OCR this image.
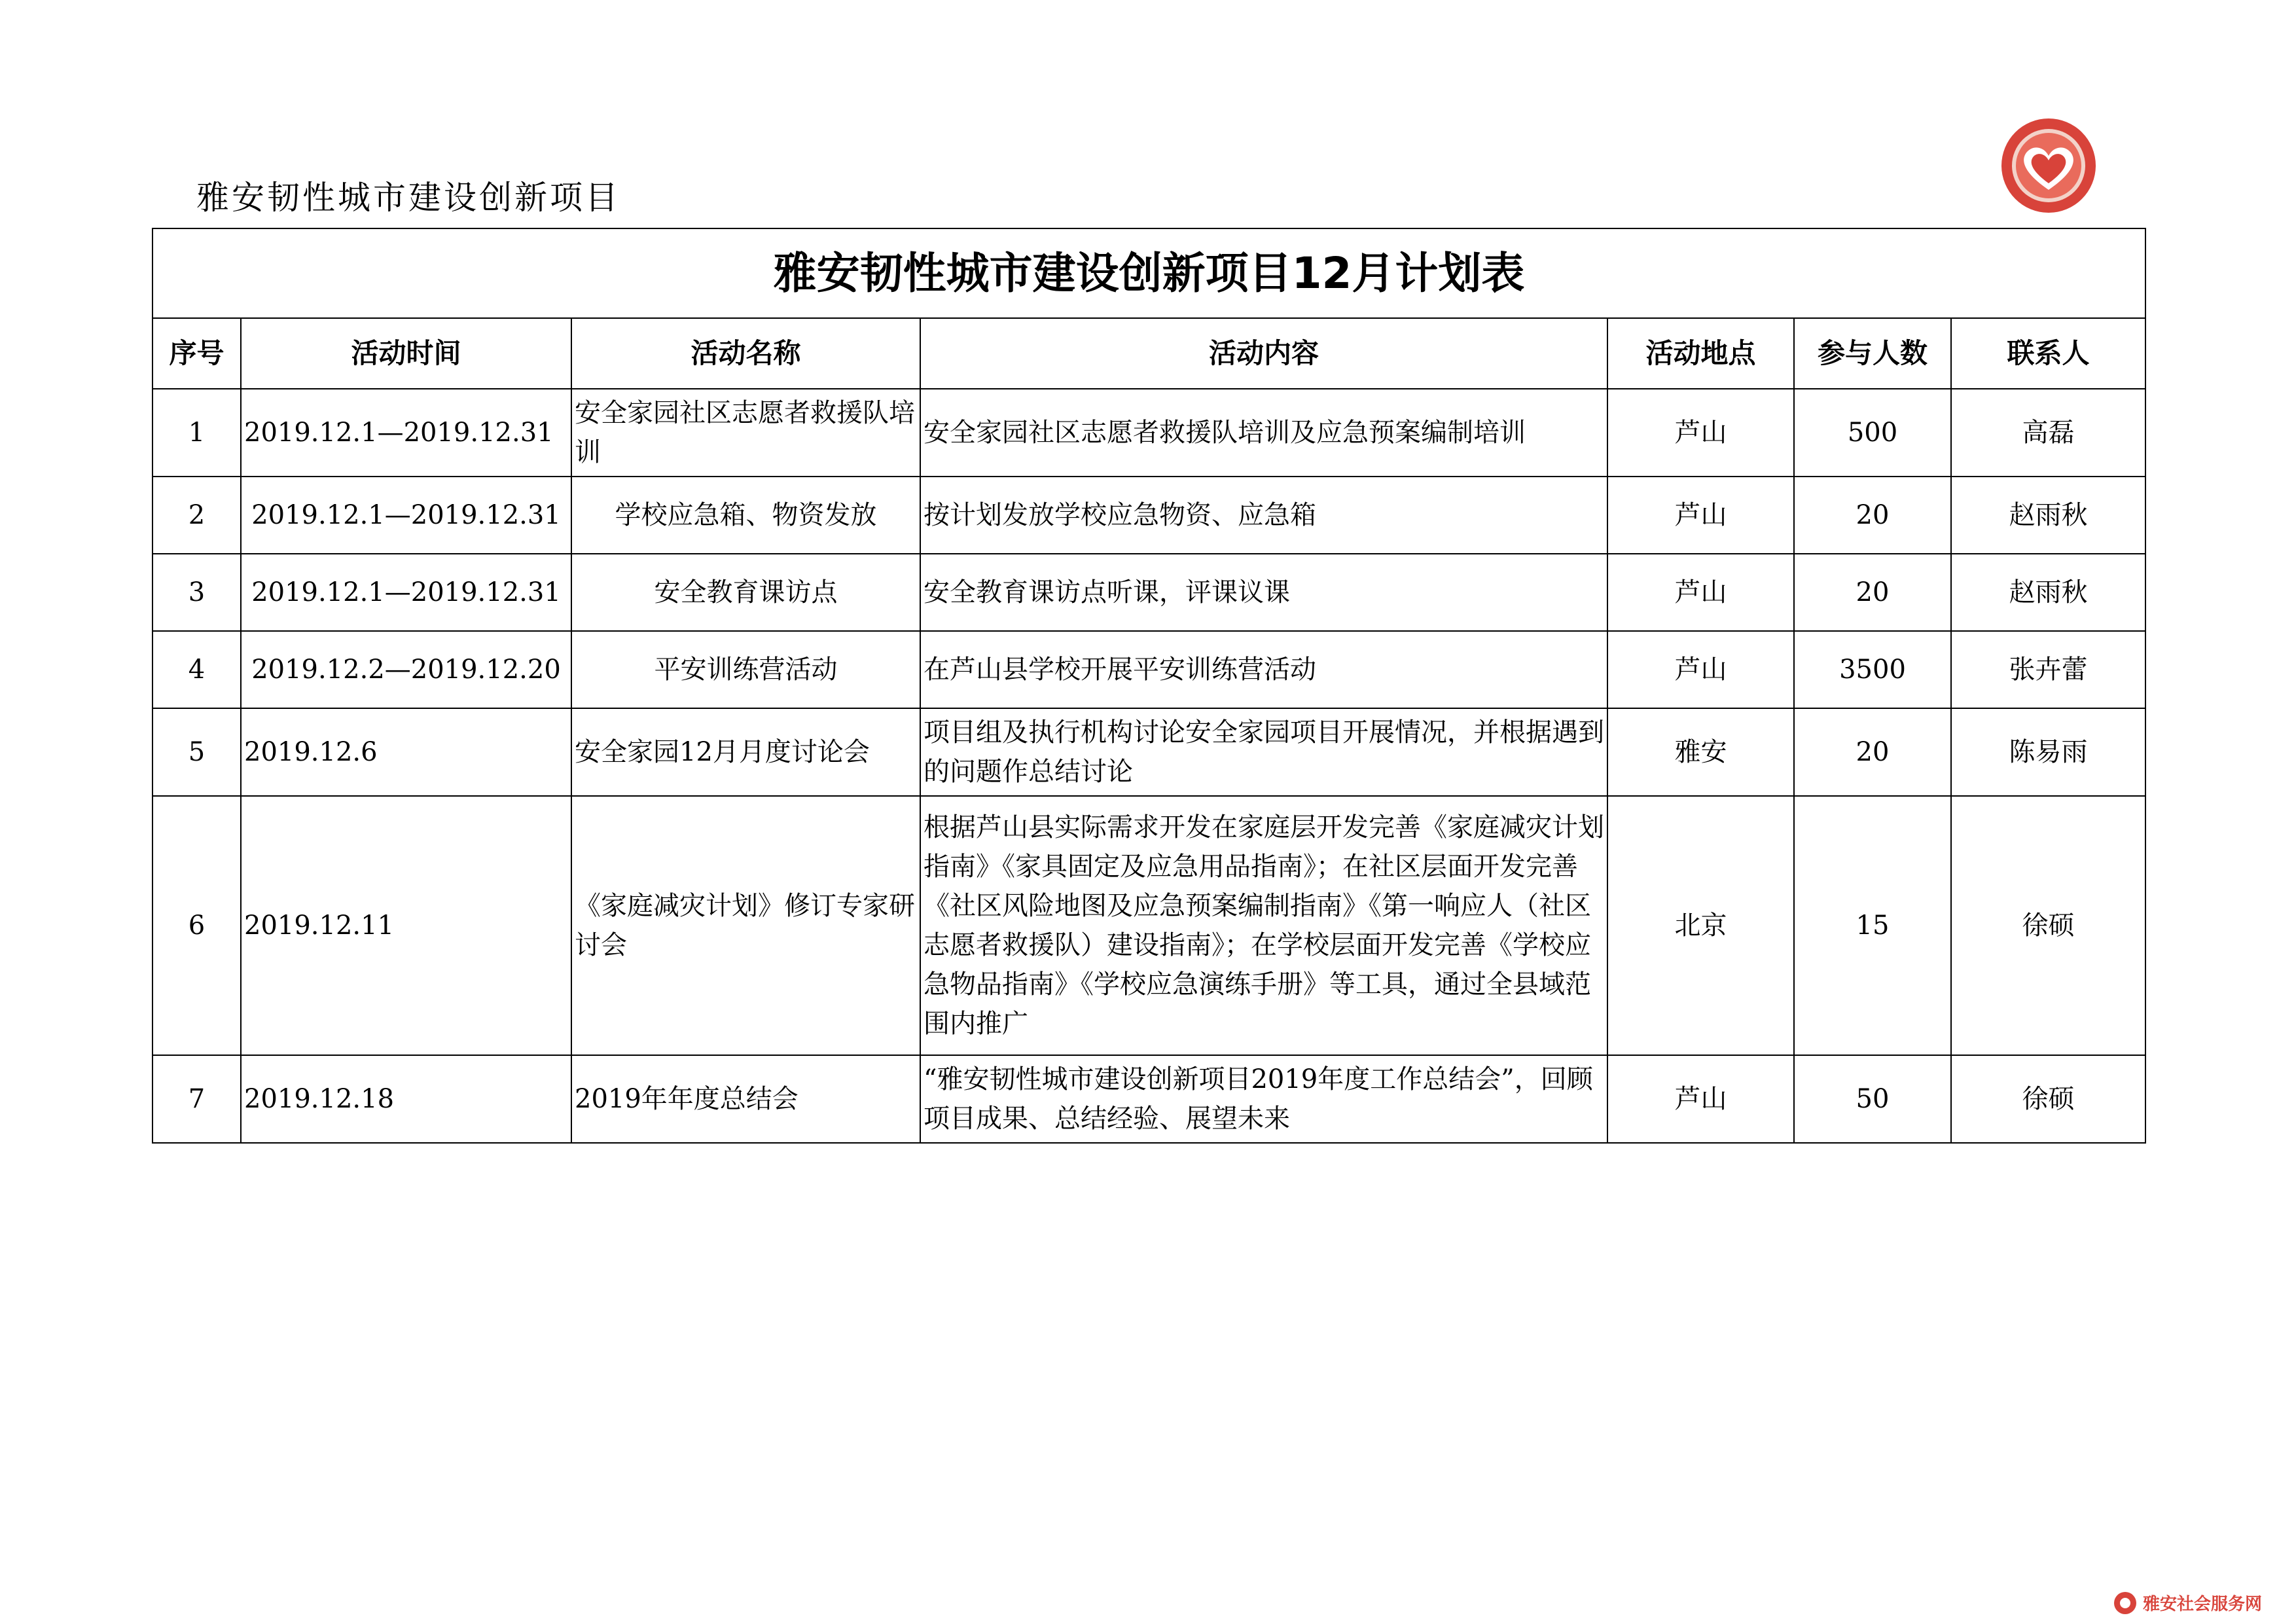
雅安韧性城市建设创新项目
雅安韧性城市建设创新项目12月计划表						
序号	活动时间	活动名称	活动内容	活动地点	参与人数	联系人
1	2019.12.1—2019.12.31	安全家园社区志愿者救援队培训	安全家园社区志愿者救援队培训及应急预案编制培训	芦山	500	高磊
2	2019.12.1—2019.12.31	学校应急箱、物资发放	按计划发放学校应急物资、应急箱	芦山	20	赵雨秋
3	2019.12.1—2019.12.31	安全教育课访点	安全教育课访点听课，评课议课	芦山	20	赵雨秋
4	2019.12.2—2019.12.20	平安训练营活动	在芦山县学校开展平安训练营活动	芦山	3500	张卉蕾
5	2019.12.6	安全家园12月月度讨论会	项目组及执行机构讨论安全家园项目开展情况，并根据遇到的问题作总结讨论	雅安	20	陈易雨
6	2019.12.11	《家庭减灾计划》修订专家研讨会	根据芦山县实际需求开发在家庭层开发完善《家庭减灾计划指南》《家具固定及应急用品指南》；在社区层面开发完善《社区风险地图及应急预案编制指南》《第一响应人（社区志愿者救援队）建设指南》；在学校层面开发完善《学校应急物品指南》《学校应急演练手册》等工具，通过全县域范围内推广	北京	15	徐硕
7	2019.12.18	2019年年度总结会	“雅安韧性城市建设创新项目2019年度工作总结会”，回顾项目成果、总结经验、展望未来	芦山	50	徐硕
雅安社会服务网
